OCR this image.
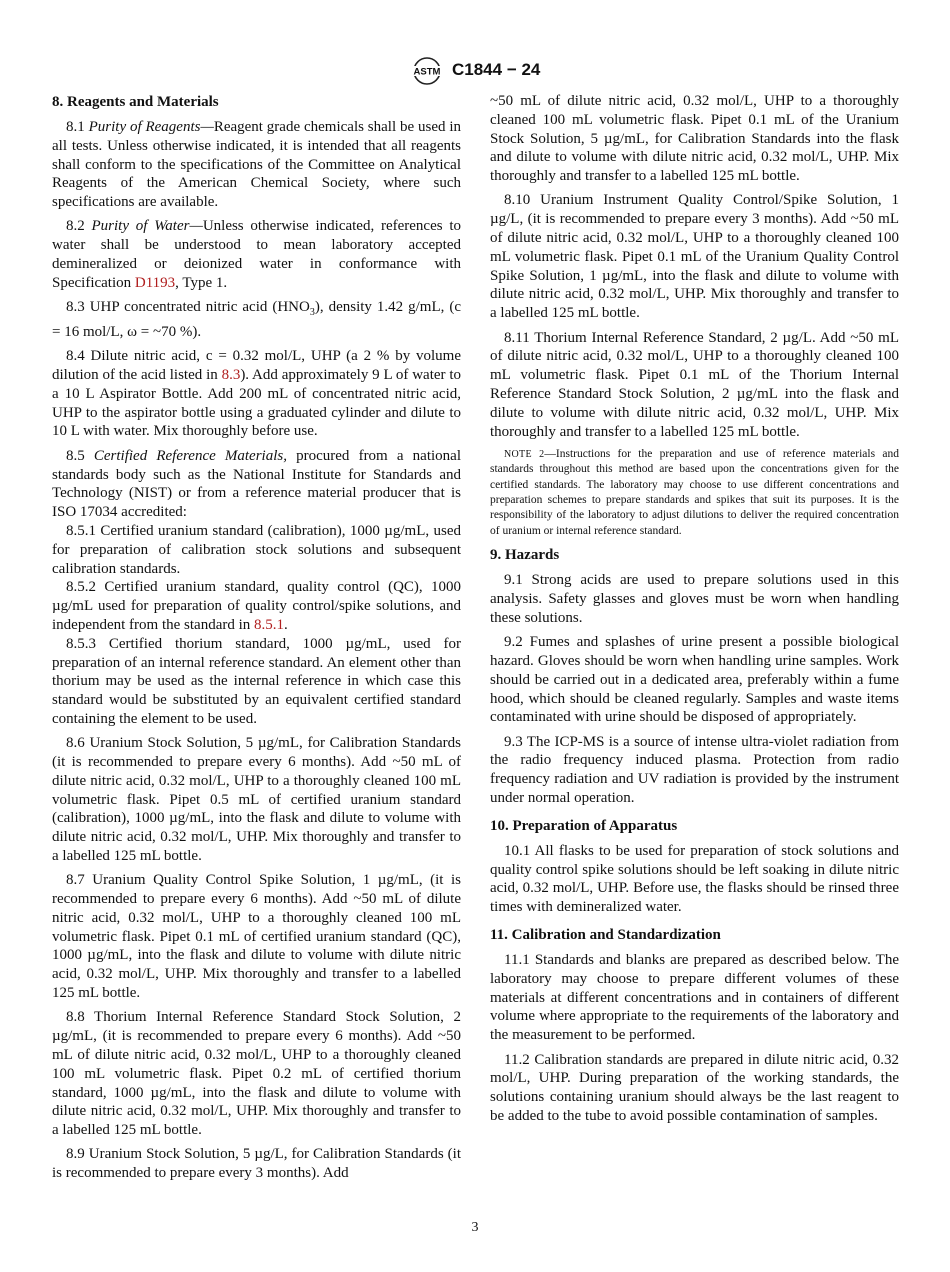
ASTM C1844 − 24
8. Reagents and Materials

8.1 Purity of Reagents—Reagent grade chemicals shall be used in all tests. Unless otherwise indicated, it is intended that all reagents shall conform to the specifications of the Committee on Analytical Reagents of the American Chemical Society, where such specifications are available.

8.2 Purity of Water—Unless otherwise indicated, references to water shall be understood to mean laboratory accepted demineralized or deionized water in conformance with Specification D1193, Type 1.

8.3 UHP concentrated nitric acid $(HNO_3)$, density 1.42 g/mL, (c = 16 mol/L, ω = ~70 %).

8.4 Dilute nitric acid, c = 0.32 mol/L, UHP (a 2 % by volume dilution of the acid listed in 8.3). Add approximately 9 L of water to a 10 L Aspirator Bottle. Add 200 mL of concentrated nitric acid, UHP to the aspirator bottle using a graduated cylinder and dilute to 10 L with water. Mix thoroughly before use.

8.5 Certified Reference Materials, procured from a national standards body such as the National Institute for Standards and Technology (NIST) or from a reference material producer that is ISO 17034 accredited:

8.5.1 Certified uranium standard (calibration), 1000 µg/mL, used for preparation of calibration stock solutions and subsequent calibration standards.

8.5.2 Certified uranium standard, quality control (QC), 1000 µg/mL used for preparation of quality control/spike solutions, and independent from the standard in 8.5.1.

8.5.3 Certified thorium standard, 1000 µg/mL, used for preparation of an internal reference standard. An element other than thorium may be used as the internal reference in which case this standard would be substituted by an equivalent certified standard containing the element to be used.

8.6 Uranium Stock Solution, 5 µg/mL, for Calibration Standards (it is recommended to prepare every 6 months). Add ~50 mL of dilute nitric acid, 0.32 mol/L, UHP to a thoroughly cleaned 100 mL volumetric flask. Pipet 0.5 mL of certified uranium standard (calibration), 1000 µg/mL, into the flask and dilute to volume with dilute nitric acid, 0.32 mol/L, UHP. Mix thoroughly and transfer to a labelled 125 mL bottle.

8.7 Uranium Quality Control Spike Solution, 1 µg/mL, (it is recommended to prepare every 6 months). Add ~50 mL of dilute nitric acid, 0.32 mol/L, UHP to a thoroughly cleaned 100 mL volumetric flask. Pipet 0.1 mL of certified uranium standard (QC), 1000 µg/mL, into the flask and dilute to volume with dilute nitric acid, 0.32 mol/L, UHP. Mix thoroughly and transfer to a labelled 125 mL bottle.

8.8 Thorium Internal Reference Standard Stock Solution, 2 µg/mL, (it is recommended to prepare every 6 months). Add ~50 mL of dilute nitric acid, 0.32 mol/L, UHP to a thoroughly cleaned 100 mL volumetric flask. Pipet 0.2 mL of certified thorium standard, 1000 µg/mL, into the flask and dilute to volume with dilute nitric acid, 0.32 mol/L, UHP. Mix thoroughly and transfer to a labelled 125 mL bottle.

8.9 Uranium Stock Solution, 5 µg/L, for Calibration Standards (it is recommended to prepare every 3 months). Add

~50 mL of dilute nitric acid, 0.32 mol/L, UHP to a thoroughly cleaned 100 mL volumetric flask. Pipet 0.1 mL of the Uranium Stock Solution, 5 µg/mL, for Calibration Standards into the flask and dilute to volume with dilute nitric acid, 0.32 mol/L, UHP. Mix thoroughly and transfer to a labelled 125 mL bottle.

8.10 Uranium Instrument Quality Control/Spike Solution, 1 µg/L, (it is recommended to prepare every 3 months). Add ~50 mL of dilute nitric acid, 0.32 mol/L, UHP to a thoroughly cleaned 100 mL volumetric flask. Pipet 0.1 mL of the Uranium Quality Control Spike Solution, 1 µg/mL, into the flask and dilute to volume with dilute nitric acid, 0.32 mol/L, UHP. Mix thoroughly and transfer to a labelled 125 mL bottle.

8.11 Thorium Internal Reference Standard, 2 µg/L. Add ~50 mL of dilute nitric acid, 0.32 mol/L, UHP to a thoroughly cleaned 100 mL volumetric flask. Pipet 0.1 mL of the Thorium Internal Reference Standard Stock Solution, 2 µg/mL into the flask and dilute to volume with dilute nitric acid, 0.32 mol/L, UHP. Mix thoroughly and transfer to a labelled 125 mL bottle.

NOTE 2—Instructions for the preparation and use of reference materials and standards throughout this method are based upon the concentrations given for the certified standards. The laboratory may choose to use different concentrations and preparation schemes to prepare standards and spikes that suit its purposes. It is the responsibility of the laboratory to adjust dilutions to deliver the required concentration of uranium or internal reference standard.
9. Hazards

9.1 Strong acids are used to prepare solutions used in this analysis. Safety glasses and gloves must be worn when handling these solutions.

9.2 Fumes and splashes of urine present a possible biological hazard. Gloves should be worn when handling urine samples. Work should be carried out in a dedicated area, preferably within a fume hood, which should be cleaned regularly. Samples and waste items contaminated with urine should be disposed of appropriately.

9.3 The ICP-MS is a source of intense ultra-violet radiation from the radio frequency induced plasma. Protection from radio frequency radiation and UV radiation is provided by the instrument under normal operation.

10. Preparation of Apparatus

10.1 All flasks to be used for preparation of stock solutions and quality control spike solutions should be left soaking in dilute nitric acid, 0.32 mol/L, UHP. Before use, the flasks should be rinsed three times with demineralized water.

11. Calibration and Standardization

11.1 Standards and blanks are prepared as described below. The laboratory may choose to prepare different volumes of these materials at different concentrations and in containers of different volume where appropriate to the requirements of the laboratory and the measurement to be performed.

11.2 Calibration standards are prepared in dilute nitric acid, 0.32 mol/L, UHP. During preparation of the working standards, the solutions containing uranium should always be the last reagent to be added to the tube to avoid possible contamination of samples.

3
